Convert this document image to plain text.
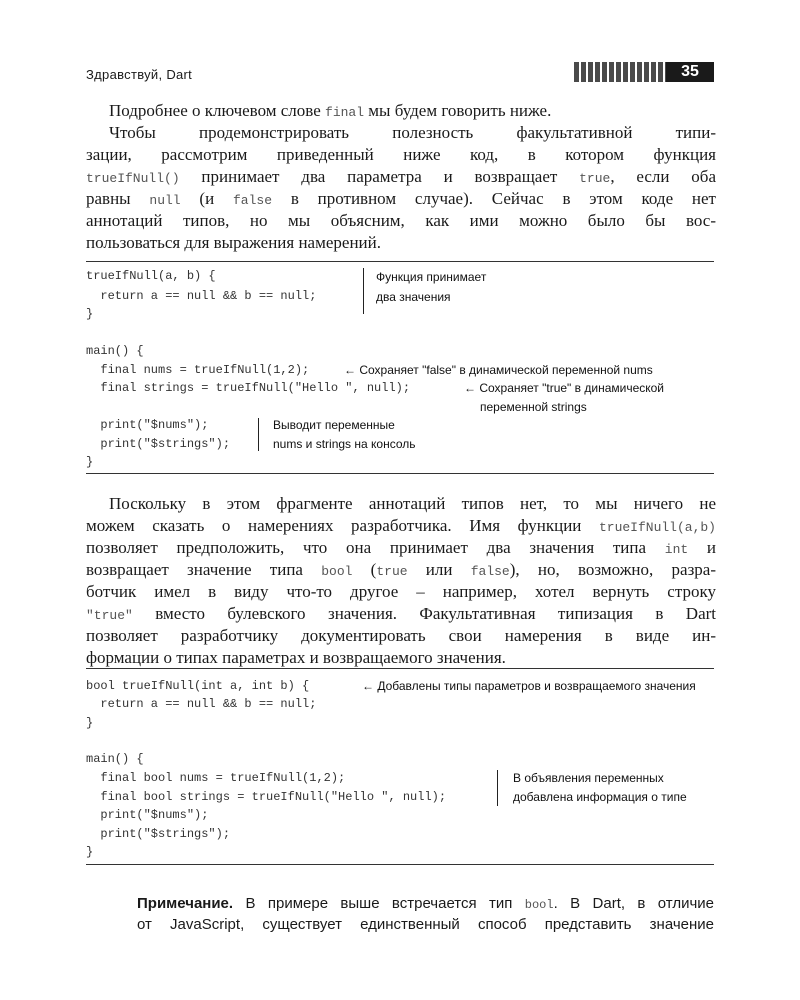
Здравствуй, Dart	35
Подробнее о ключевом слове final мы будем говорить ниже.
Чтобы продемонстрировать полезность факультативной типи-
зации, рассмотрим приведенный ниже код, в котором функция
trueIfNull() принимает два параметра и возвращает true, если оба
равны null (и false в противном случае). Сейчас в этом коде нет
аннотаций типов, но мы объясним, как ими можно было бы вос-
пользоваться для выражения намерений.
trueIfNull(a, b) {
return a == null && b == null;
}
main() {
final nums = trueIfNull(1,2);
final strings = trueIfNull("Hello ", null);
print("$nums");
print("$strings");
}
Функция принимает
два значения
← Сохраняет "false" в динамической переменной nums
← Сохраняет "true" в динамической
переменной strings
Выводит переменные
nums и strings на консоль
Поскольку в этом фрагменте аннотаций типов нет, то мы ничего не
можем сказать о намерениях разработчика. Имя функции trueIfNull(a,b)
позволяет предположить, что она принимает два значения типа int и
возвращает значение типа bool (true или false), но, возможно, разра-
ботчик имел в виду что-то другое – например, хотел вернуть строку
"true" вместо булевского значения. Факультативная типизация в Dart
позволяет разработчику документировать свои намерения в виде ин-
формации о типах параметрах и возвращаемого значения.
bool trueIfNull(int a, int b) {
return a == null && b == null;
}
main() {
final bool nums = trueIfNull(1,2);
final bool strings = trueIfNull("Hello ", null);
print("$nums");
print("$strings");
}
← Добавлены типы параметров и возвращаемого значения
В объявления переменных
добавлена информация о типе
Примечание. В примере выше встречается тип bool. В Dart, в отличие
от JavaScript, существует единственный способ представить значение
